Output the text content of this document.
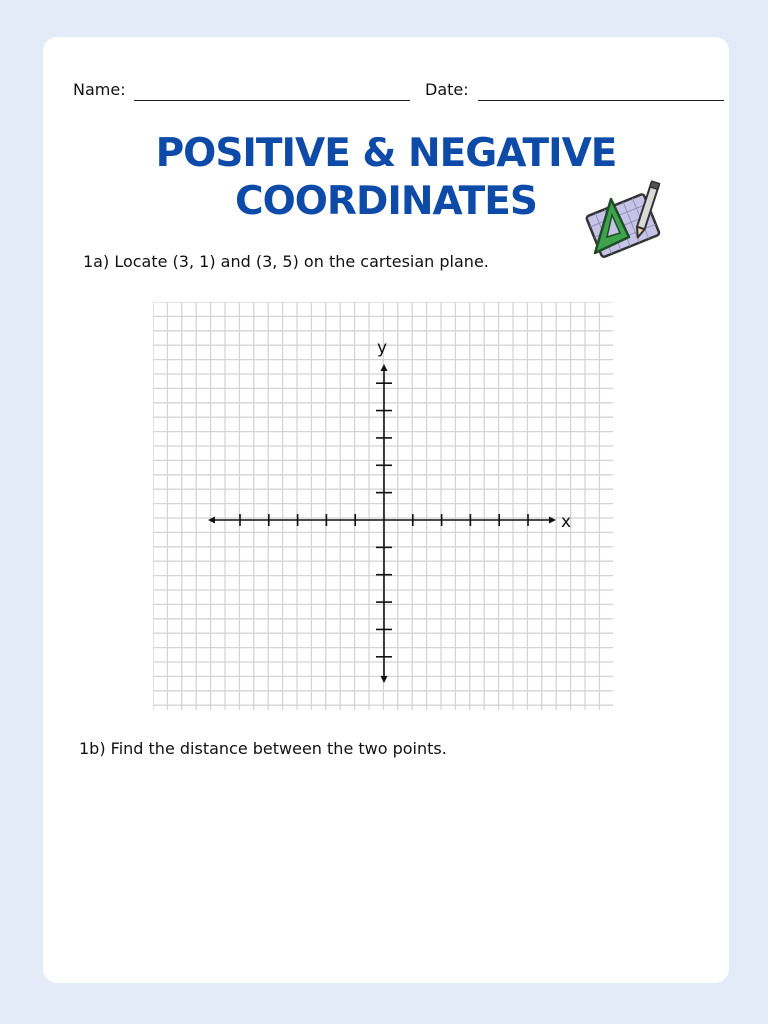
Name:	Date:
POSITIVE & NEGATIVE
COORDINATES
1a) Locate (3, 1) and (3, 5) on the cartesian plane.
x
y
1b) Find the distance between the two points.
